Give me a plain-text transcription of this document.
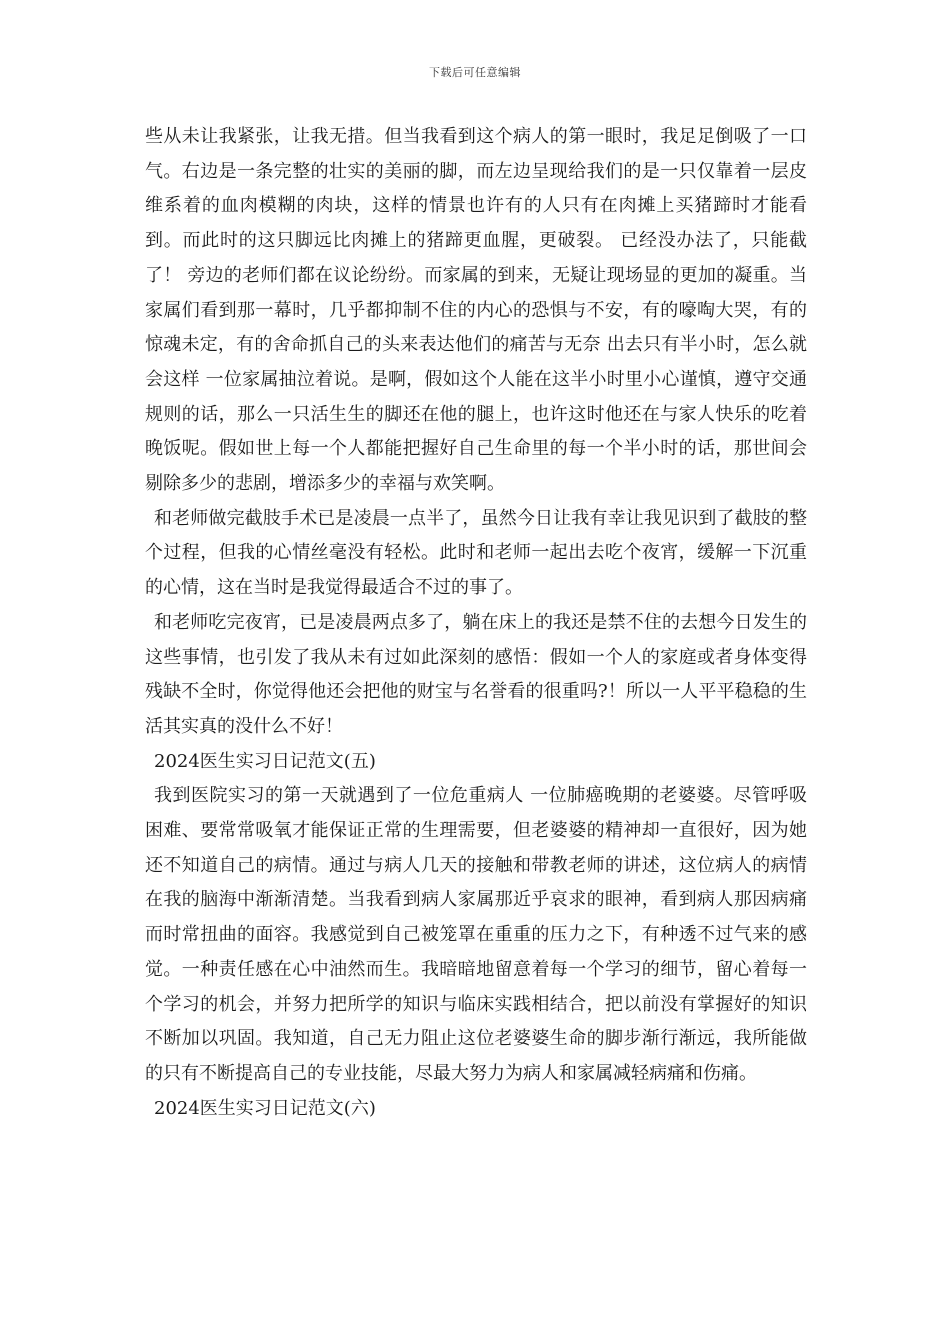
下载后可任意编辑

些从未让我紧张，让我无措。但当我看到这个病人的第一眼时，我足足倒吸了一口气。右边是一条完整的壮实的美丽的脚，而左边呈现给我们的是一只仅靠着一层皮维系着的血肉模糊的肉块，这样的情景也许有的人只有在肉摊上买猪蹄时才能看到。而此时的这只脚远比肉摊上的猪蹄更血腥，更破裂。 已经没办法了，只能截了！ 旁边的老师们都在议论纷纷。而家属的到来，无疑让现场显的更加的凝重。当家属们看到那一幕时，几乎都抑制不住的内心的恐惧与不安，有的嚎啕大哭，有的惊魂未定，有的舍命抓自己的头来表达他们的痛苦与无奈 出去只有半小时，怎么就会这样 一位家属抽泣着说。是啊，假如这个人能在这半小时里小心谨慎，遵守交通规则的话，那么一只活生生的脚还在他的腿上，也许这时他还在与家人快乐的吃着晚饭呢。假如世上每一个人都能把握好自己生命里的每一个半小时的话，那世间会剔除多少的悲剧，增添多少的幸福与欢笑啊。

和老师做完截肢手术已是凌晨一点半了，虽然今日让我有幸让我见识到了截肢的整个过程，但我的心情丝毫没有轻松。此时和老师一起出去吃个夜宵，缓解一下沉重的心情，这在当时是我觉得最适合不过的事了。

和老师吃完夜宵，已是凌晨两点多了，躺在床上的我还是禁不住的去想今日发生的这些事情，也引发了我从未有过如此深刻的感悟：假如一个人的家庭或者身体变得残缺不全时，你觉得他还会把他的财宝与名誉看的很重吗?！所以一人平平稳稳的生活其实真的没什么不好！

2024医生实习日记范文(五)

我到医院实习的第一天就遇到了一位危重病人 一位肺癌晚期的老婆婆。尽管呼吸困难、要常常吸氧才能保证正常的生理需要，但老婆婆的精神却一直很好，因为她还不知道自己的病情。通过与病人几天的接触和带教老师的讲述，这位病人的病情在我的脑海中渐渐清楚。当我看到病人家属那近乎哀求的眼神，看到病人那因病痛而时常扭曲的面容。我感觉到自己被笼罩在重重的压力之下，有种透不过气来的感觉。一种责任感在心中油然而生。我暗暗地留意着每一个学习的细节，留心着每一个学习的机会，并努力把所学的知识与临床实践相结合，把以前没有掌握好的知识不断加以巩固。我知道，自己无力阻止这位老婆婆生命的脚步渐行渐远，我所能做的只有不断提高自己的专业技能，尽最大努力为病人和家属减轻病痛和伤痛。

2024医生实习日记范文(六)
